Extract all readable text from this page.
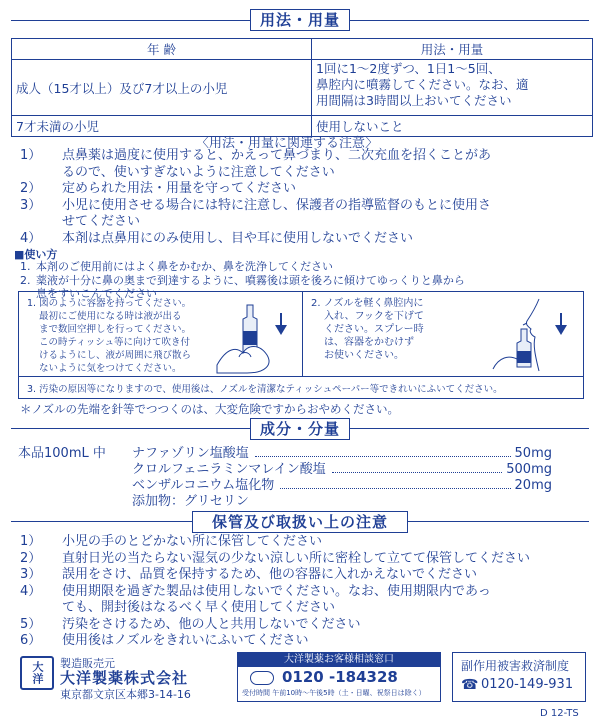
用法・用量
年 齢	用法・用量
成人（15才以上）及び7才以上の小児	1回に1～2度ずつ、1日1～5回、
鼻腔内に噴霧してください。なお、適
用間隔は3時間以上おいてください

7才未満の小児	使用しないこと
〈用法・用量に関連する注意〉
1） 点鼻薬は過度に使用すると、かえって鼻づまり、二次充血を招くことがあ
るので、使いすぎないように注意してください
2） 定められた用法・用量を守ってください
3） 小児に使用させる場合には特に注意し、保護者の指導監督のもとに使用さ
せてください
4） 本剤は点鼻用にのみ使用し、目や耳に使用しないでください
■使い方
1. 本剤のご使用前にはよく鼻をかむか、鼻を洗浄してください
2. 薬液が十分に鼻の奥まで到達するように、噴霧後は頭を後ろに傾けてゆっくりと鼻から
息をすいこんでください
1. 図のように容器を持ってください。
最初にご使用になる時は液が出る
まで数回空押しを行ってください。
この時ティッシュ等に向けて吹き付
けるようにし、液が周囲に飛び散ら
ないように気をつけてください。
2. ノズルを軽く鼻腔内に
入れ、フックを下げて
ください。スプレー時
は、容器をかむけず
お使いください。
3. 汚染の原因等になりますので、使用後は、ノズルを清潔なティッシュペーパー等できれいにふいてください。
＊ノズルの先端を針等でつつくのは、大変危険ですからおやめください。
成分・分量
本品100mL 中 ナファゾリン塩酸塩	50mg
クロルフェニラミンマレイン酸塩	500mg
ベンザルコニウム塩化物	20mg
添加物：グリセリン
保管及び取扱い上の注意
1） 小児の手のとどかない所に保管してください
2） 直射日光の当たらない湿気の少ない涼しい所に密栓して立てて保管してください
3） 誤用をさけ、品質を保持するため、他の容器に入れかえないでください
4） 使用期限を過ぎた製品は使用しないでください。なお、使用期限内であっ
ても、開封後はなるべく早く使用してください
5） 汚染をさけるため、他の人と共用しないでください
6） 使用後はノズルをきれいにふいてください
大洋 製造販売元
大洋製薬株式会社
東京都文京区本郷3-14-16
大洋製薬お客様相談窓口
0120 -184328
受付時間 午前10時～午後5時（土・日曜、祝祭日は除く）
副作用被害救済制度
☎ 0120-149-931
D 12-TS
